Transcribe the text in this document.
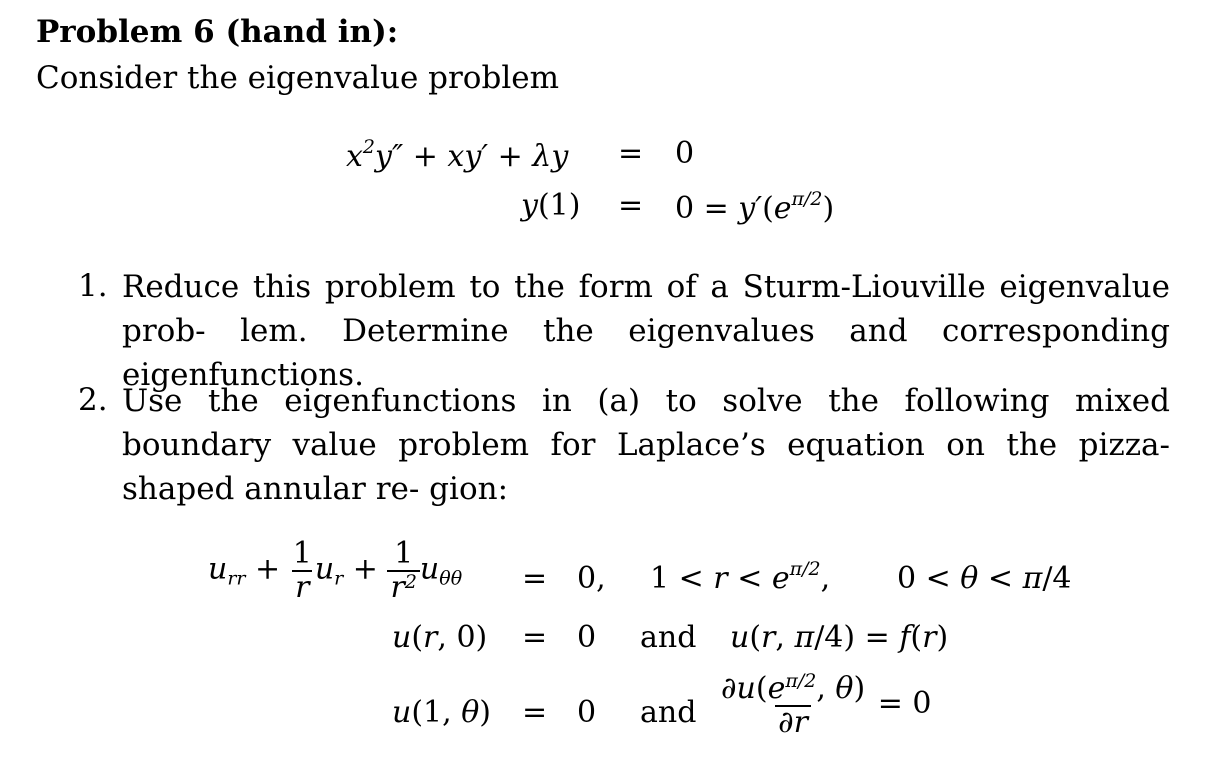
Problem 6 (hand in):
Consider the eigenvalue problem
$x^2y'' + xy' + \lambda y = 0$
$y(1) = 0 = y'(e^{\pi/2})$
1. Reduce this problem to the form of a Sturm-Liouville eigenvalue prob- lem. Determine the eigenvalues and corresponding eigenfunctions.
2. Use the eigenfunctions in (a) to solve the following mixed boundary value problem for Laplace’s equation on the pizza-shaped annular re- gion:
$u_{rr} + \frac{1}{r} u_r + \frac{1}{r^2} u_{\theta\theta} = 0$, $1 < r < e^{\pi/2}$, 0 < θ < π/4
u(r, 0) = 0 and u(r, π/4) = f(r)
u(1, θ) = 0 and $\frac{\partial u(e^{\pi/2}, \theta)}{\partial r} = 0$
